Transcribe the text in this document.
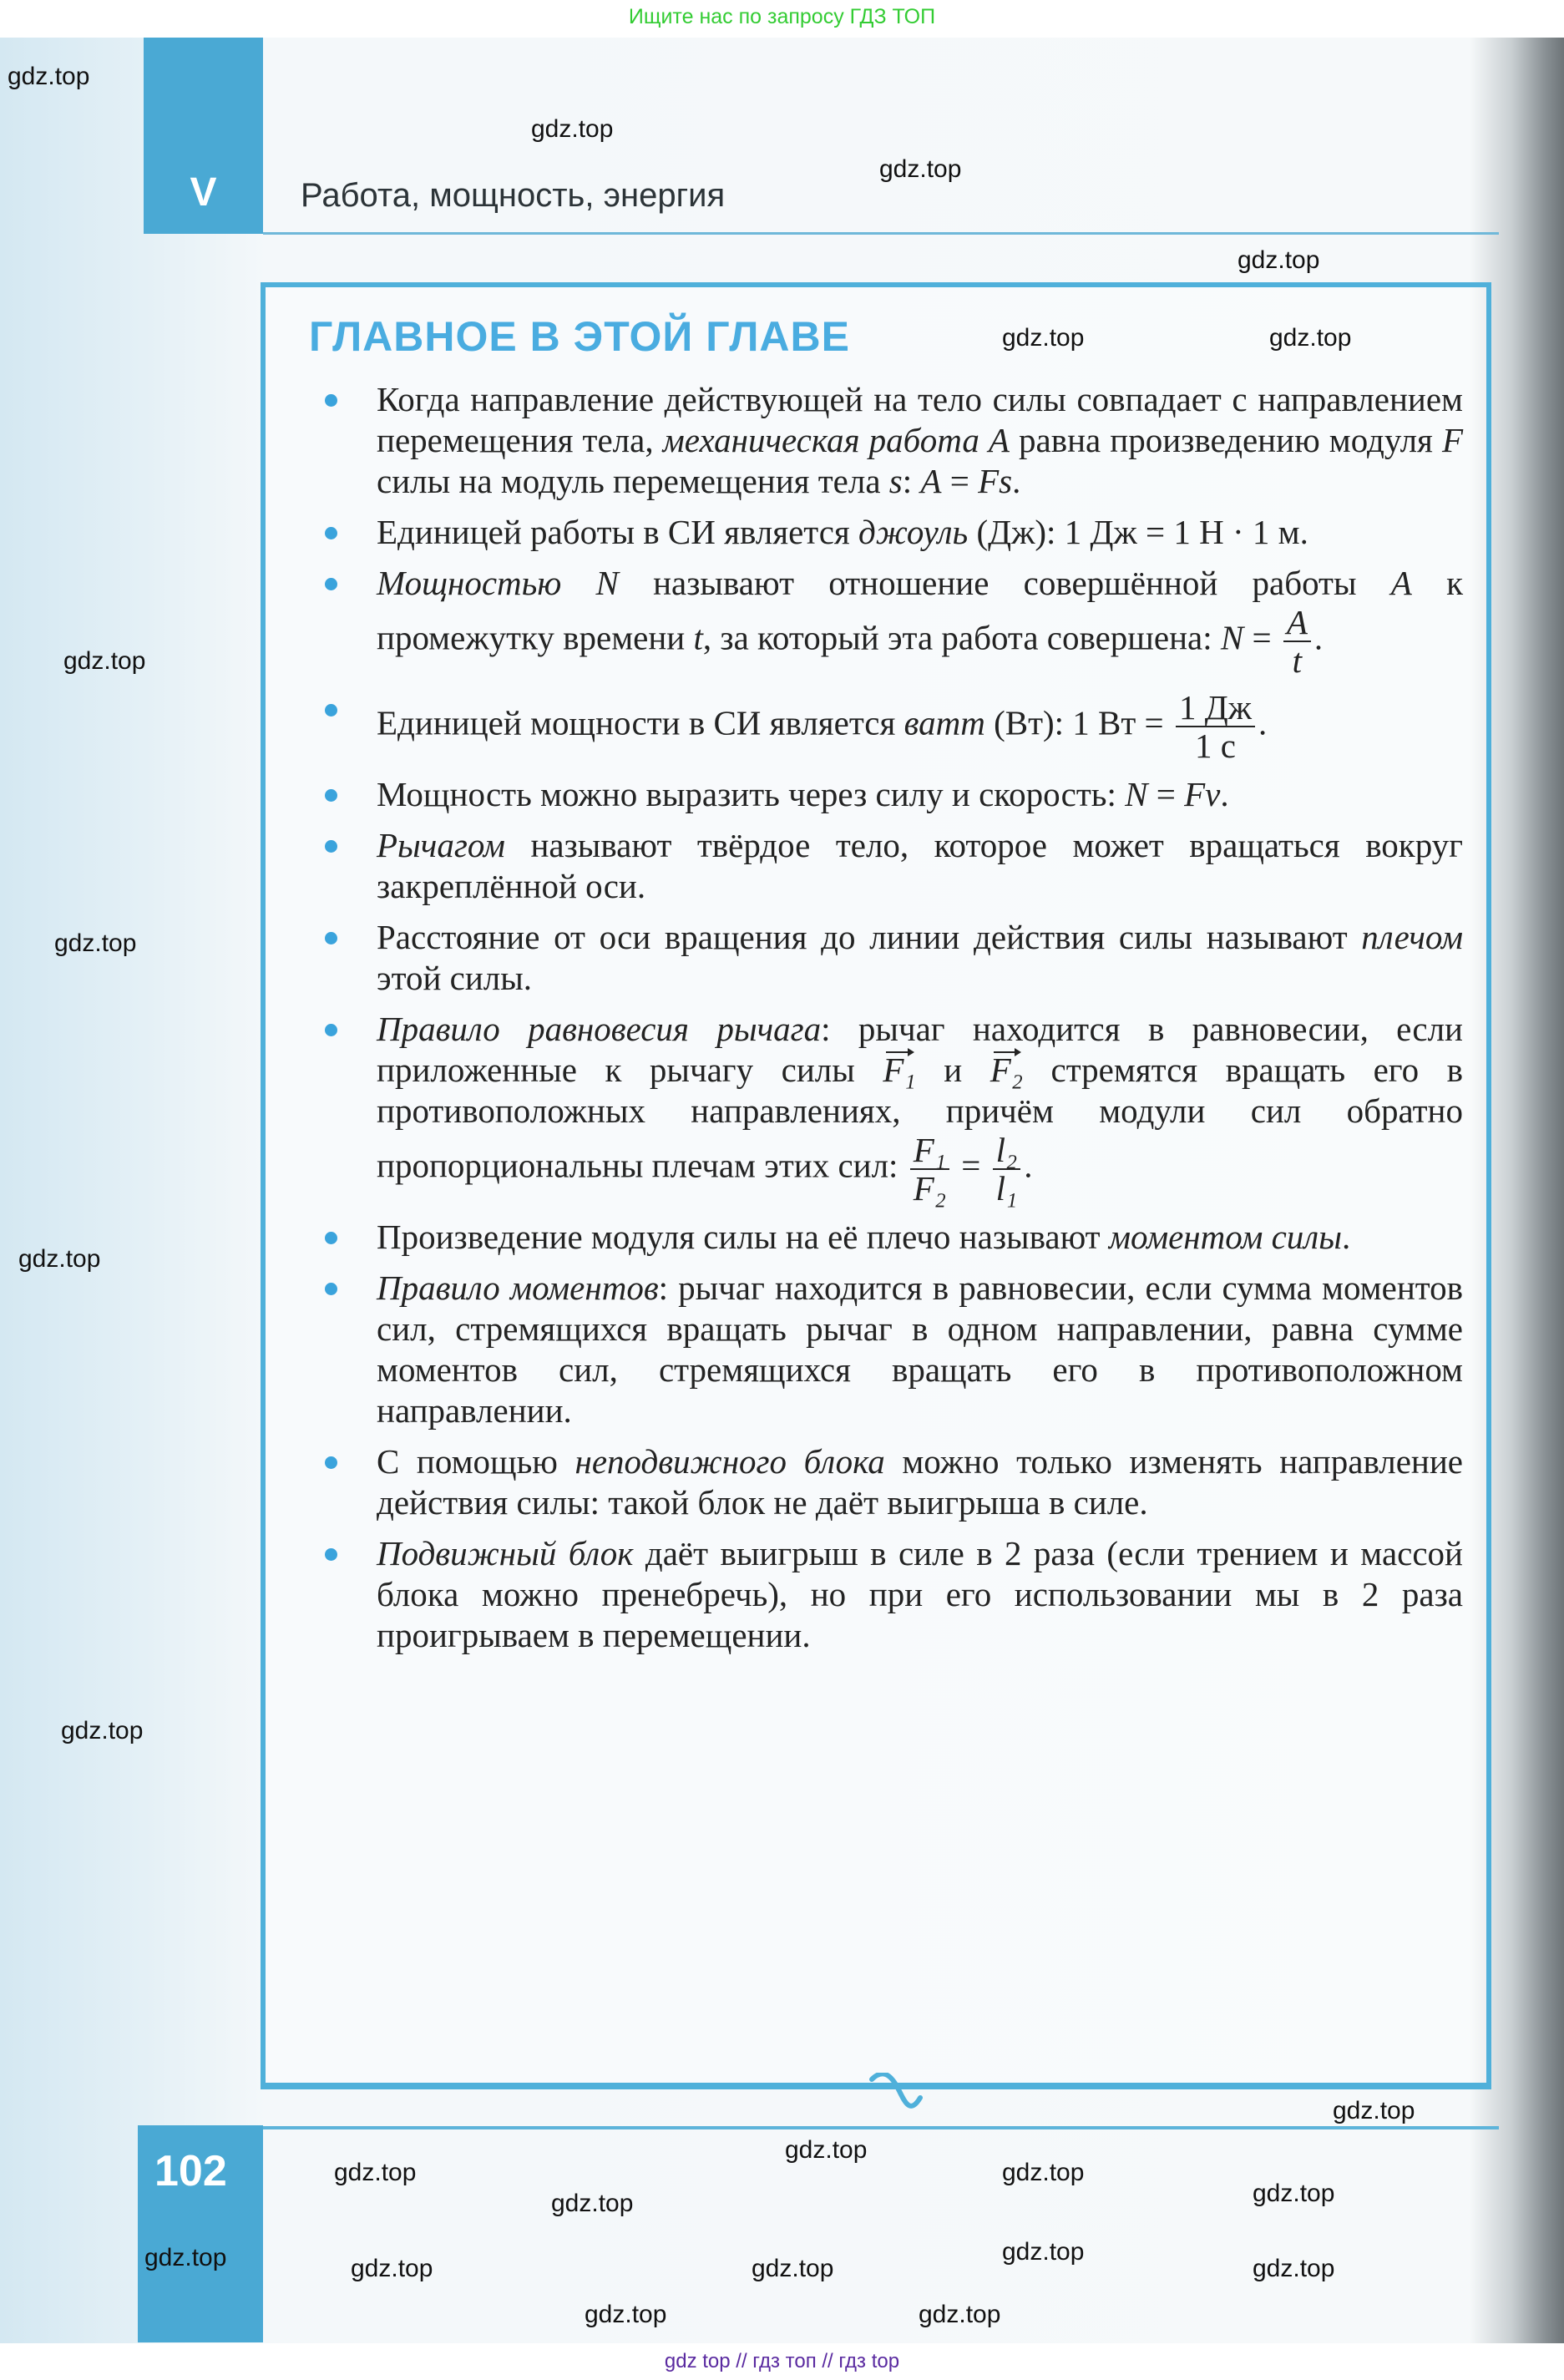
Ищите нас по запросу ГДЗ ТОП
V	Работа, мощность, энергия
ГЛАВНОЕ В ЭТОЙ ГЛАВЕ
Когда направление действующей на тело силы совпадает с направлением перемещения тела, механическая работа A равна произведению модуля F силы на модуль перемещения тела s: A = Fs.
Единицей работы в СИ является джоуль (Дж): 1 Дж = 1 Н · 1 м.
Мощностью N называют отношение совершённой работы A к промежутку времени t, за который эта работа совершена: $N = \frac{A}{t}$ .
Единицей мощности в СИ является ватт (Вт): 1 Вт = $\frac{1 Дж}{1 с}$ .
Мощность можно выразить через силу и скорость: N = Fv.
Рычагом называют твёрдое тело, которое может вращаться вокруг закреплённой оси.
Расстояние от оси вращения до линии действия силы называют плечом этой силы.
Правило равновесия рычага: рычаг находится в равновесии, если приложенные к рычагу силы F₁ и F₂ стремятся вращать его в противоположных направлениях, причём модули сил обратно пропорциональны плечам этих сил: $\frac{\text{F₁}}{\text{F₂}} = \frac{\text{l₂}}{\text{l₁}}$ .
Произведение модуля силы на её плечо называют моментом силы.
Правило моментов: рычаг находится в равновесии, если сумма моментов сил, стремящихся вращать рычаг в одном направлении, равна сумме моментов сил, стремящихся вращать его в противоположном направлении.
С помощью неподвижного блока можно только изменять направление действия силы: такой блок не даёт выигрыша в силе.
Подвижный блок даёт выигрыш в силе в 2 раза (если трением и массой блока можно пренебречь), но при его использовании мы в 2 раза проигрываем в перемещении.
102
gdz.top
gdz.top
gdz.top
gdz.top
gdz.top
gdz.top	gdz.top
gdz.top
gdz.top
gdz.top
gdz.top	gdz.top
gdz.top
gdz.top	gdz.top
gdz.top
gdz.top
gdz.top	gdz.top
gdz.top
gdz.top
gdz.top
gdz.top
gdz top // гдз топ // гдз top
